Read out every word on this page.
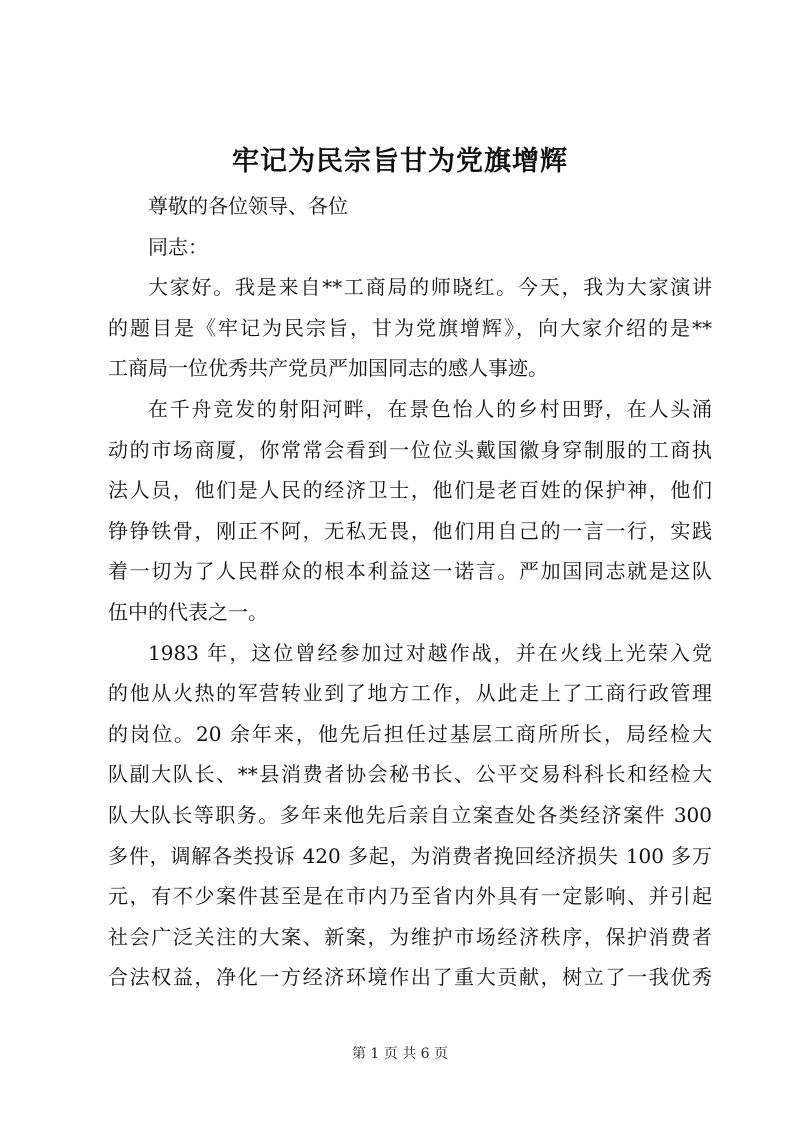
牢记为民宗旨甘为党旗增辉
尊敬的各位领导、各位
同志：
大家好。我是来自**工商局的师晓红。今天，我为大家演讲
的题目是《牢记为民宗旨，甘为党旗增辉》，向大家介绍的是**
工商局一位优秀共产党员严加国同志的感人事迹。
在千舟竞发的射阳河畔，在景色怡人的乡村田野，在人头涌
动的市场商厦，你常常会看到一位位头戴国徽身穿制服的工商执
法人员，他们是人民的经济卫士，他们是老百姓的保护神，他们
铮铮铁骨，刚正不阿，无私无畏，他们用自己的一言一行，实践
着一切为了人民群众的根本利益这一诺言。严加国同志就是这队
伍中的代表之一。
1983 年，这位曾经参加过对越作战，并在火线上光荣入党
的他从火热的军营转业到了地方工作，从此走上了工商行政管理
的岗位。20 余年来，他先后担任过基层工商所所长，局经检大
队副大队长、**县消费者协会秘书长、公平交易科科长和经检大
队大队长等职务。多年来他先后亲自立案查处各类经济案件 300
多件，调解各类投诉 420 多起，为消费者挽回经济损失 100 多万
元，有不少案件甚至是在市内乃至省内外具有一定影响、并引起
社会广泛关注的大案、新案，为维护市场经济秩序，保护消费者
合法权益，净化一方经济环境作出了重大贡献，树立了一我优秀
第 1 页 共 6 页
